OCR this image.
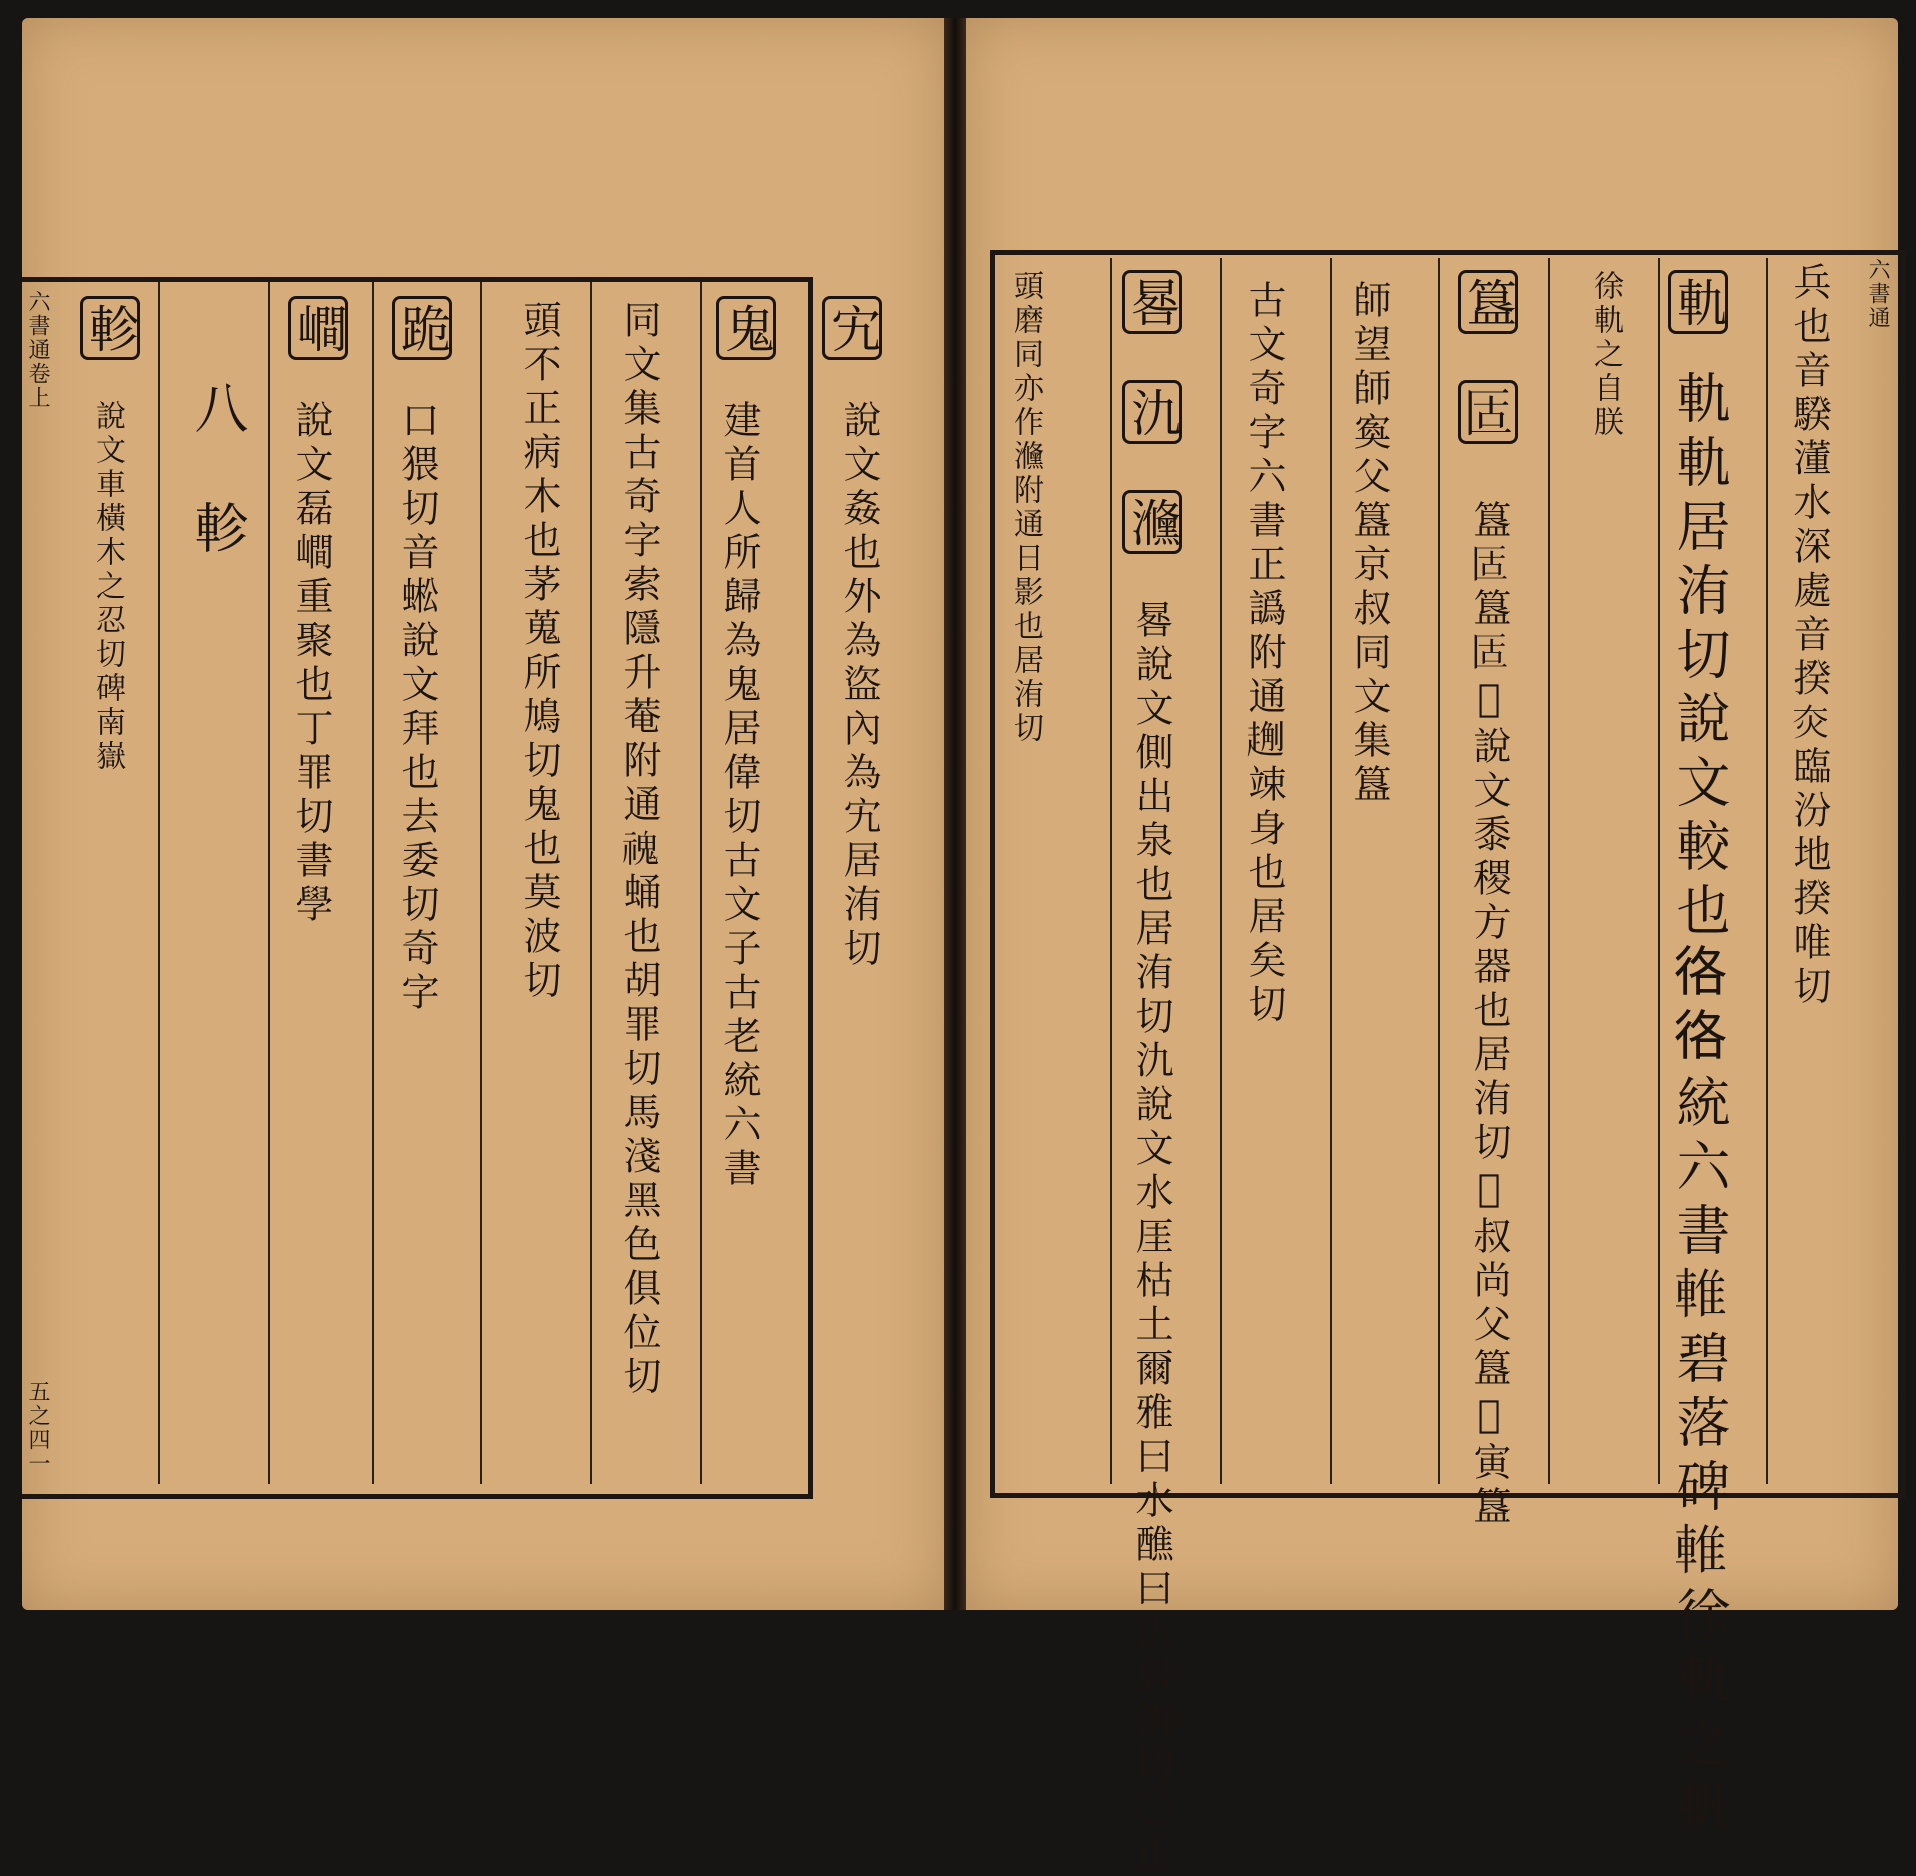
六書通卷上
五之四一
軫
說文車橫木之忍切碑南嶽 八
軫
𡼏
說文磊𡼏重聚也丁罪切書學
跪
口猥切音蜙說文拜也去委切奇字 頭不正病木也茅蒐所鳩切鬼也莫波切 同文集古奇字索隱升菴附通𩲡蛹也胡罪切馬淺黑色俱位切 鬼
建首人所歸為鬼居偉切古文子古老統六書
宄
說文姦也外為盜內為宄居洧切
六書通
兵也音騤𣿅水深處音揆𤆍臨汾地揆唯切
軌
軌軌居洧切說文較也𢓜𢓜統六書𨌴碧落碑𨌴徐軌之軓
徐軌之自朕
簋
𠤳
簋𠤳簋𠤳𠥍說文黍稷方器也居洧切𥩋叔尚父簋𥩋寅簋
師望師寏父簋京叔同文集簋
古文奇字六書正譌附通𧽄竦身也居矣切
晷
氿
㶖
晷說文側出泉也居洧切氿說文水厓枯土爾雅曰水醮曰氿居洧切〇正
頭磨同亦作㶖附通日影也居洧切
